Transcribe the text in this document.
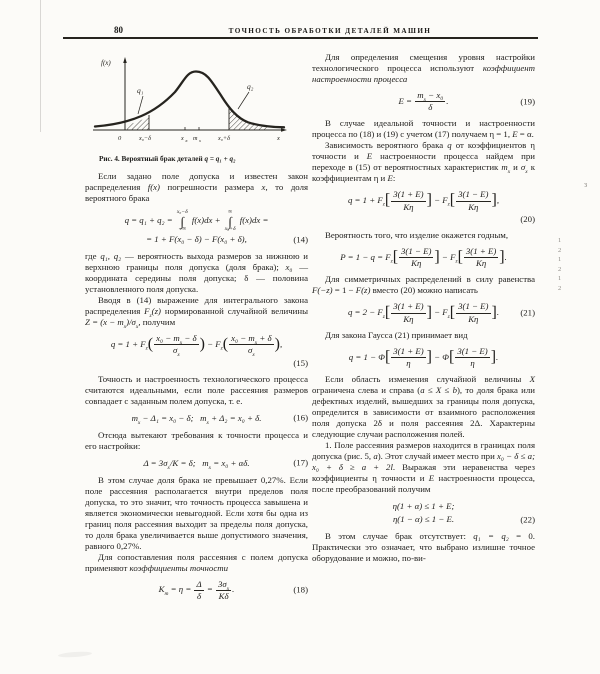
80	ТОЧНОСТЬ ОБРАБОТКИ ДЕТАЛЕЙ МАШИН
f(x)
q₁	q₂
0	x₀−δ	x в m x	x₀+δ	x
Рис. 4. Вероятный брак деталей q = q₁ + q₂

Если задано поле допуска и известен закон распределения f(x) погрешности размера x, то доля вероятного брака

q = q₁ + q₂ =
x₀−δ
∫
−∞
f(x)dx +
∞
∫
x₀+δ
f(x)dx =
= 1 + F(x₀ − δ) − F(x₀ + δ),	(14)

где q₁, q₂ — вероятность выхода размеров за нижнюю и верхнюю границы поля допуска (доля брака); x₀ — координата середины поля допуска; δ — половина установленного поля допуска.

Вводя в (14) выражение для интегрального закона распределения $F_z(z)$ нормированной случайной величины $Z = (x - m_x)/\sigma_x$, получим

$q = 1 + F_z( \frac{x_0 - m_x - \delta}{\sigma_x}$ ) − $F_z( \frac{x_0 - m_x + \delta}{\sigma_x}$ ),
(15)

Точность и настроенность технологического процесса считаются идеальными, если поле рассеяния размеров совпадает с заданным полем допуска, т. е.

$m_x - \Delta_1 = x_0 - \delta$;   $m_x + \Delta_2 = x_0 + \delta$.	(16)

Отсюда вытекают требования к точности процесса и его настройки:

$\Delta = 3\sigma_x/K = \delta$;   $m_x = x_0 + \alpha\delta$.	(17)

В этом случае доля брака не превышает 0,27%. Если поле рассеяния располагается внутри пределов поля допуска, то это значит, что точность процесса завышена и является экономически невыгодной. Если хотя бы одна из границ поля рассеяния выходит за пределы поля допуска, то доля брака увеличивается выше допустимого значения, равного 0,27%.

Для сопоставления поля рассеяния с полем допуска применяют коэффициенты точности

$K_т = \eta = \frac{\Delta}{\delta} = \frac{3\sigma_x}{K\delta}$ .	(18)

Для определения смещения уровня настройки технологического процесса используют коэффициент настроенности процесса

$E = \frac{m_x - x_0}{\delta}$ .	(19)

В случае идеальной точности и настроенности процесса по (18) и (19) с учетом (17) получаем η = 1, E = α.

Зависимость вероятного брака q от коэффициентов η точности и E настроенности процесса найдем при переходе в (15) от вероятностных характеристик $m_x$ и $\sigma_x$ к коэффициентам η и E:

$q = 1 + F_z[ \frac{3(1 + E)}{K\eta}$ ] − $F_z[ \frac{3(1 - E)}{K\eta}$ ],
(20)

Вероятность того, что изделие окажется годным,

$P = 1 - q = F_z[ \frac{3(1 - E)}{K\eta}$ ] − $F_z[ \frac{3(1 + E)}{K\eta}$ ].

Для симметричных распределений в силу равенства F(−z) = 1 − F(z) вместо (20) можно написать

$q = 2 - F_z[ \frac{3(1 + E)}{K\eta}$ ] − $F_z[ \frac{3(1 - E)}{K\eta}$ ]. (21)

Для закона Гаусса (21) принимает вид

$q = 1 - \Phi[ \frac{3(1 + E)}{\eta}$ ] − $\Phi[ \frac{3(1 - E)}{\eta}$ ].

Если область изменения случайной величины X ограничена слева и справа (a ≤ X ≤ b), то доля брака или дефектных изделий, вышедших за границы поля допуска, определится в зависимости от взаимного расположения поля допуска 2δ и поля рассеяния 2Δ. Характерны следующие случаи расположения полей.

1. Поле рассеяния размеров находится в границах поля допуска (рис. 5, а). Этот случай имеет место при x₀ − δ ≤ a; x₀ + δ ≥ a + 2l. Выражая эти неравенства через коэффициенты η точности и E настроенности процесса, после преобразований получим

η(1 + α) ≤ 1 + E;
η(1 − α) ≤ 1 − E.	(22)

В этом случае брак отсутствует: q₁ = q₂ = 0. Практически это означает, что выбрано излишне точное оборудование и можно, по-ви-

з
1
2
1
2
1
2
